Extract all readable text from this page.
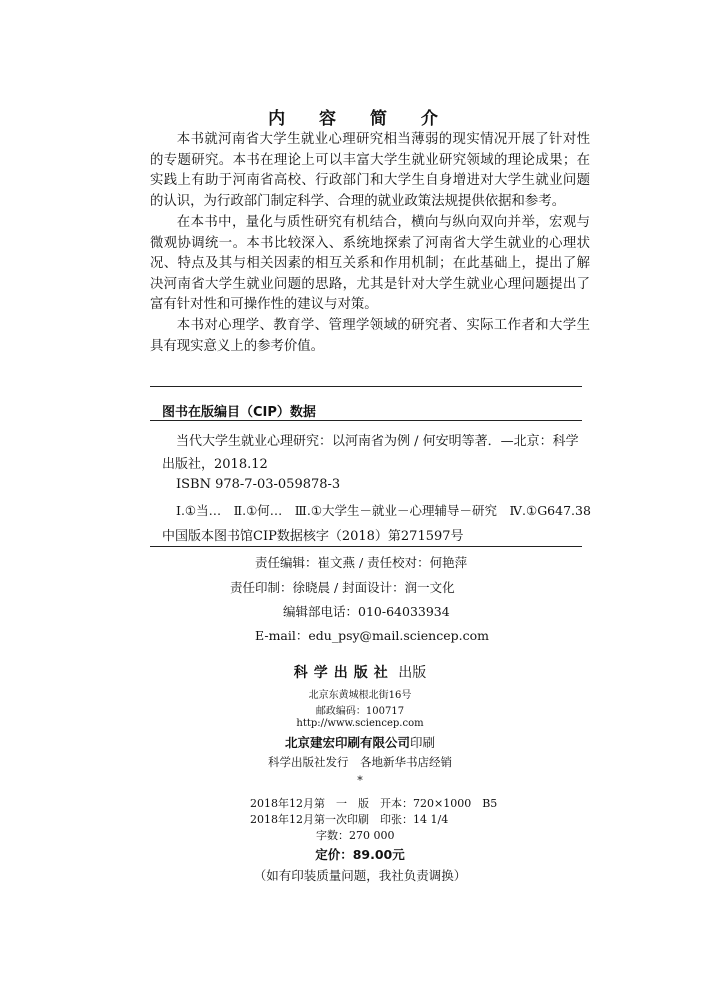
内 容 简 介

本书就河南省大学生就业心理研究相当薄弱的现实情况开展了针对性的专题研究。本书在理论上可以丰富大学生就业研究领域的理论成果；在实践上有助于河南省高校、行政部门和大学生自身增进对大学生就业问题的认识，为行政部门制定科学、合理的就业政策法规提供依据和参考。

在本书中，量化与质性研究有机结合，横向与纵向双向并举，宏观与微观协调统一。本书比较深入、系统地探索了河南省大学生就业的心理状况、特点及其与相关因素的相互关系和作用机制；在此基础上，提出了解决河南省大学生就业问题的思路，尤其是针对大学生就业心理问题提出了富有针对性和可操作性的建议与对策。

本书对心理学、教育学、管理学领域的研究者、实际工作者和大学生具有现实意义上的参考价值。

图书在版编目（CIP）数据
当代大学生就业心理研究：以河南省为例 / 何安明等著．—北京：科学
出版社，2018.12
ISBN 978-7-03-059878-3
Ⅰ.①当…　Ⅱ.①何…　Ⅲ.①大学生－就业－心理辅导－研究　Ⅳ.①G647.38
中国版本图书馆CIP数据核字（2018）第271597号
责任编辑：崔文燕 / 责任校对：何艳萍
责任印制：徐晓晨 / 封面设计：润一文化
编辑部电话：010-64033934
E-mail：edu_psy@mail.sciencep.com
科学出版社 出版
北京东黄城根北街16号
邮政编码：100717
http://www.sciencep.com
北京建宏印刷有限公司印刷
科学出版社发行　各地新华书店经销
*
2018年12月第　一　版　开本：720×1000　B5
2018年12月第一次印刷　印张：14 1/4
字数：270 000
定价：89.00元
（如有印装质量问题，我社负责调换）
